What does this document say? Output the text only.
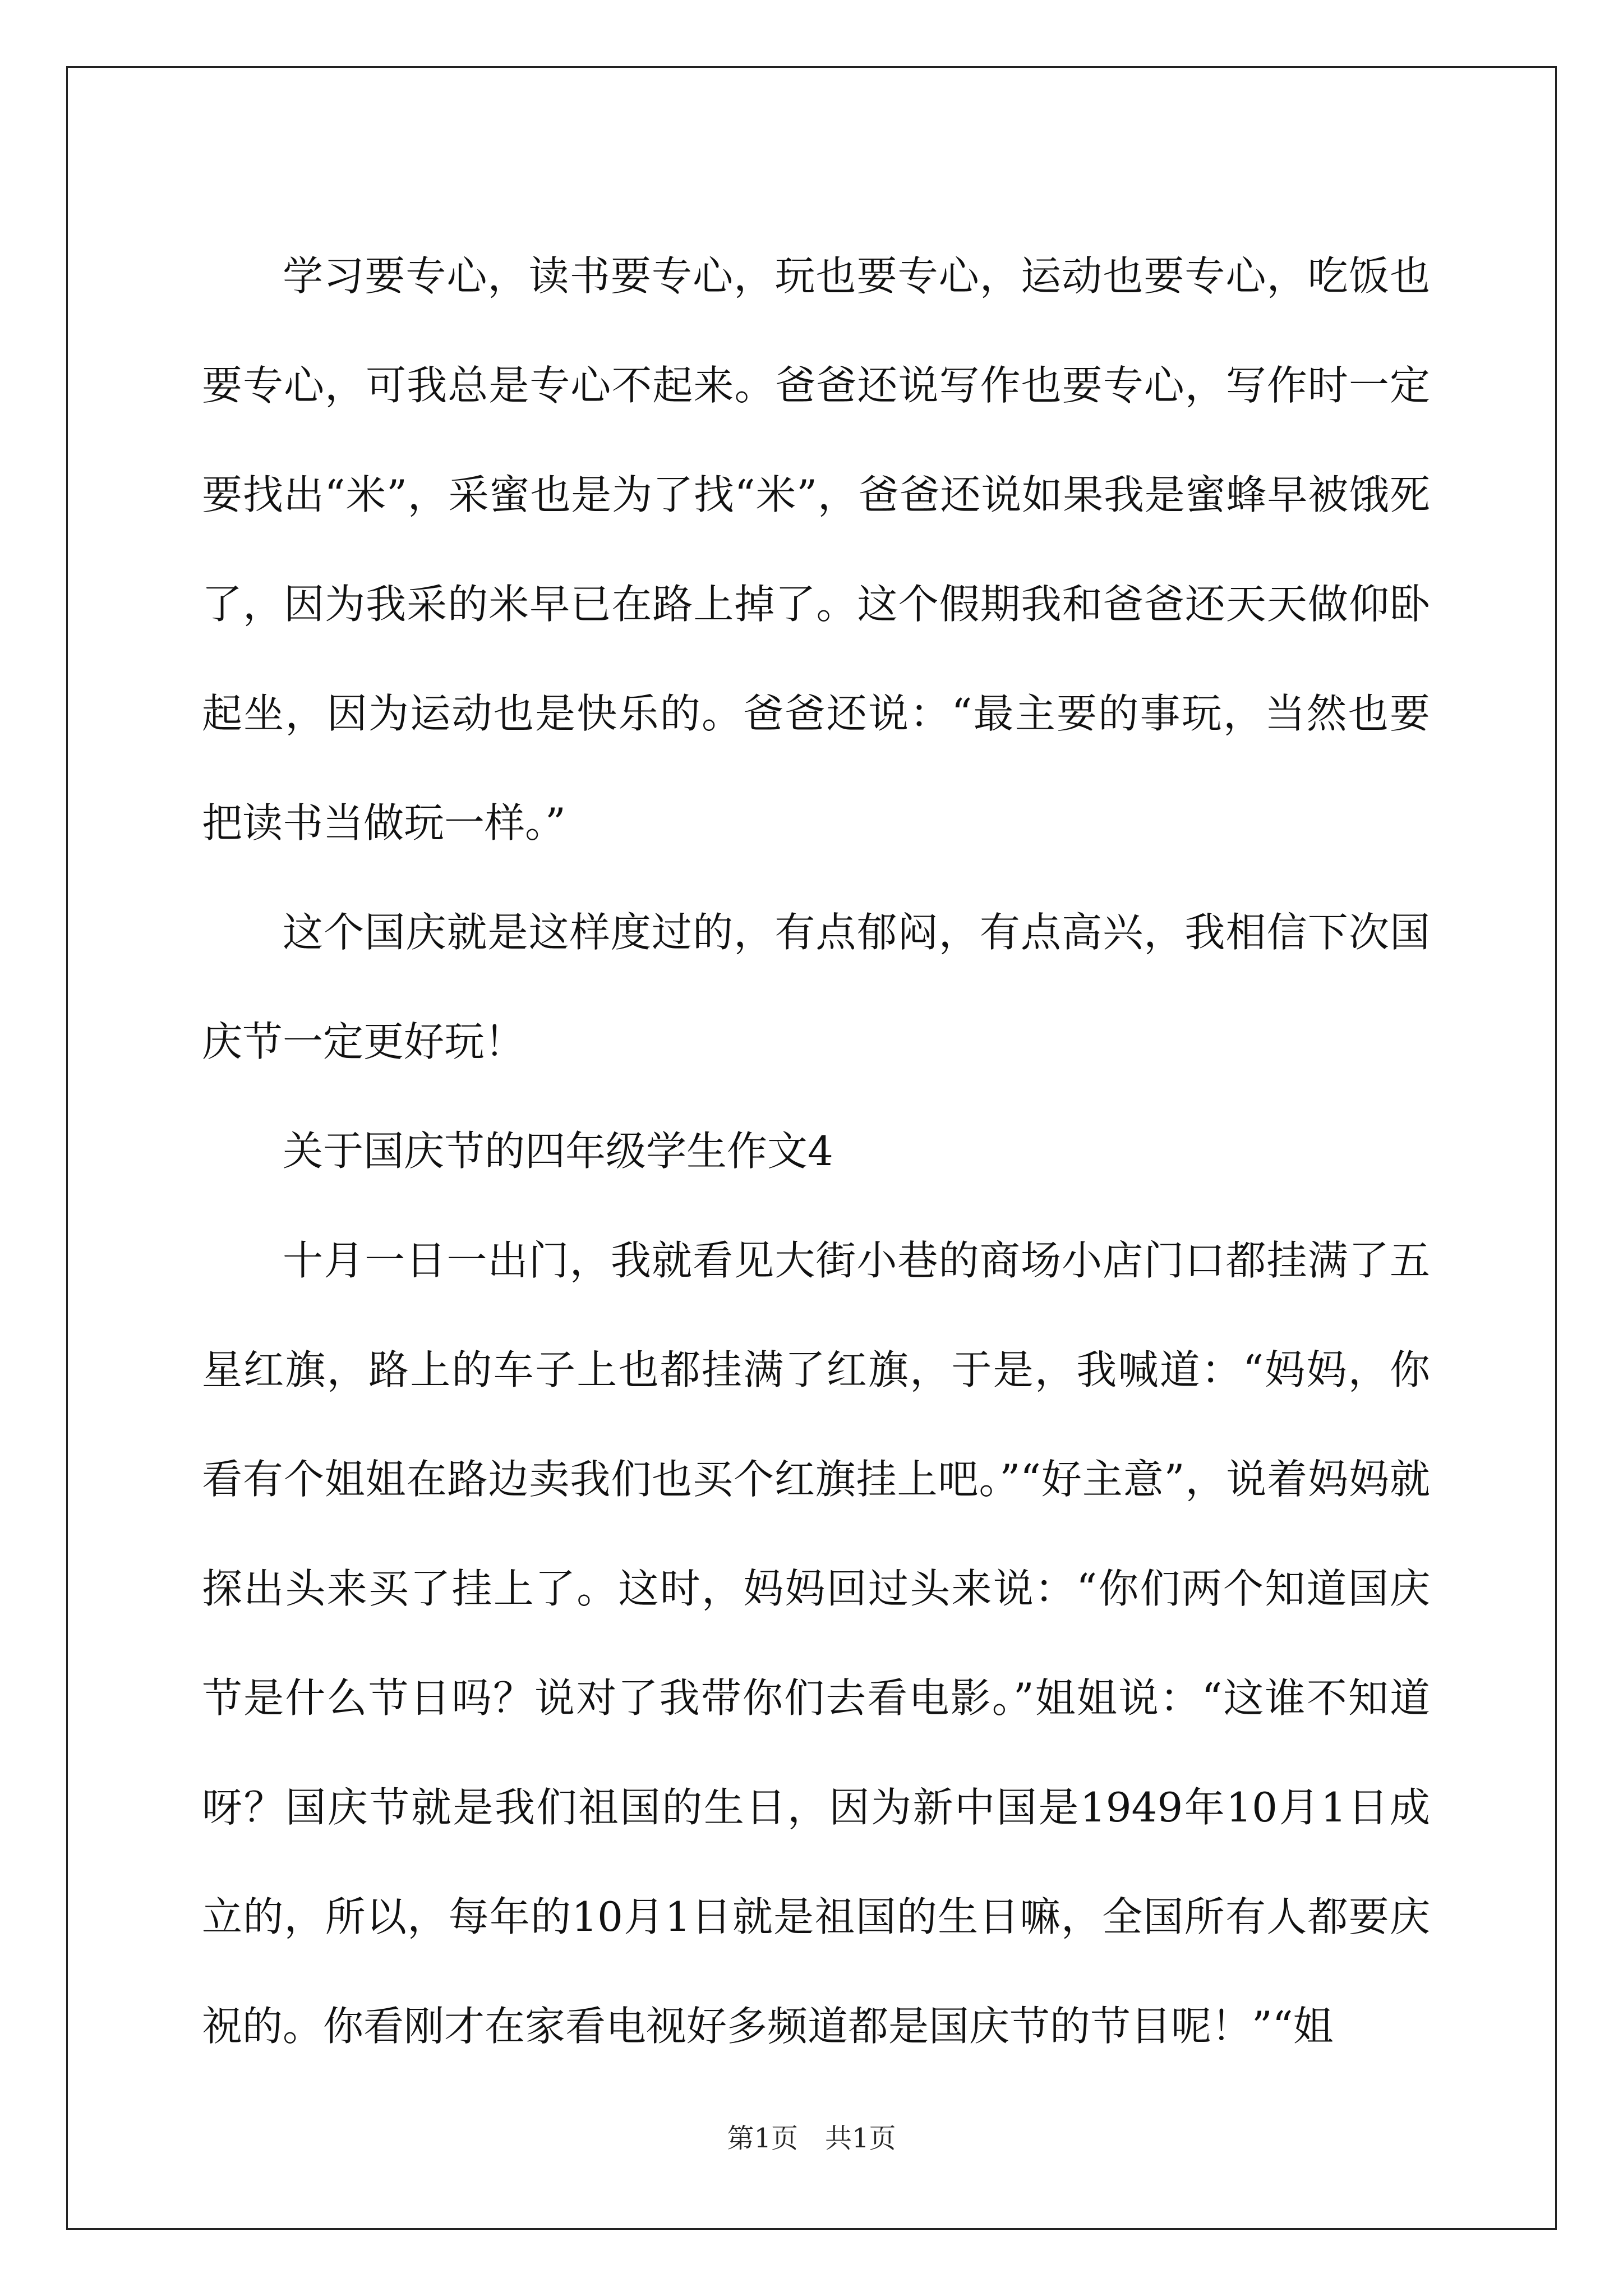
学习要专心，读书要专心，玩也要专心，运动也要专心，吃饭也要专心，可我总是专心不起来。爸爸还说写作也要专心，写作时一定要找出“米”，采蜜也是为了找“米”，爸爸还说如果我是蜜蜂早被饿死了，因为我采的米早已在路上掉了。这个假期我和爸爸还天天做仰卧起坐，因为运动也是快乐的。爸爸还说：“最主要的事玩，当然也要把读书当做玩一样。”

这个国庆就是这样度过的，有点郁闷，有点高兴，我相信下次国庆节一定更好玩！

关于国庆节的四年级学生作文4

十月一日一出门，我就看见大街小巷的商场小店门口都挂满了五星红旗，路上的车子上也都挂满了红旗，于是，我喊道：“妈妈，你看有个姐姐在路边卖我们也买个红旗挂上吧。”“好主意”，说着妈妈就探出头来买了挂上了。这时，妈妈回过头来说：“你们两个知道国庆节是什么节日吗？说对了我带你们去看电影。”姐姐说：“这谁不知道呀？国庆节就是我们祖国的生日，因为新中国是1949年10月1日成立的，所以，每年的10月1日就是祖国的生日嘛，全国所有人都要庆祝的。你看刚才在家看电视好多频道都是国庆节的节目呢！”“姐

第1页　共1页
